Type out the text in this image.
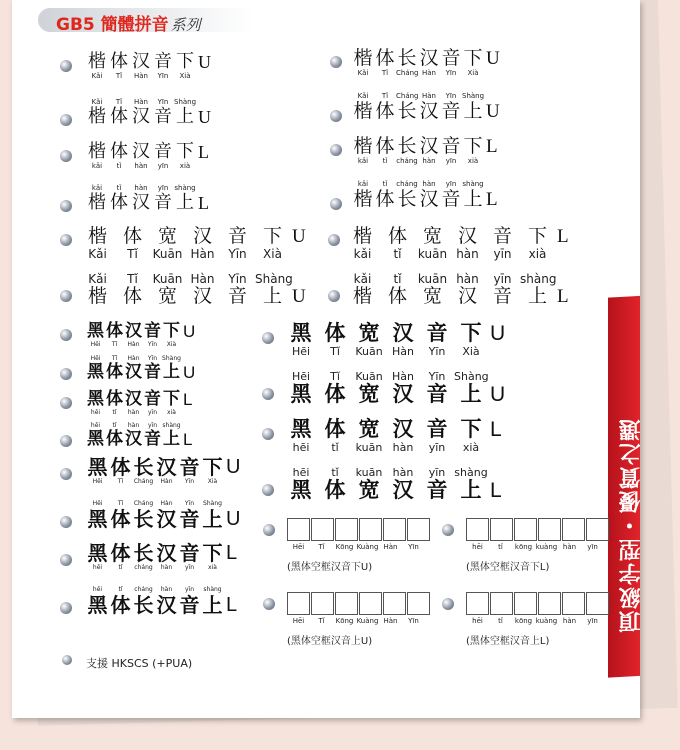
頂級字型・優質之選
GB5 簡體拼音 系列
楷 体 汉 音 下 U
Kǎi	Tǐ	Hàn	Yīn	Xià
Kǎi	Tǐ	Hàn	Yīn Shàng
楷 体 汉 音 上 U
楷 体 汉 音 下 L
kǎi	tǐ	hàn	yīn	xià
kǎi	tǐ	hàn	yīn shàng
楷 体 汉 音 上 L
楷 体 长 汉 音 下 U
Kǎi	Tǐ	Cháng Hàn	Yīn	Xià
Kǎi	Tǐ	Cháng Hàn	Yīn Shàng
楷 体 长 汉 音 上 U
楷 体 长 汉 音 下 L
kǎi	tǐ	cháng hàn	yīn	xià
kǎi	tǐ	cháng hàn	yīn shàng
楷 体 长 汉 音 上 L
楷 体 宽 汉 音 下 U
Kǎi	Tǐ	Kuān Hàn	Yīn	Xià
Kǎi	Tǐ	Kuān Hàn	Yīn Shàng
楷 体 宽 汉 音 上 U
楷 体 宽 汉 音 下 L
kǎi	tǐ	kuān hàn	yīn	xià
kǎi	tǐ	kuān hàn	yīn shàng
楷 体 宽 汉 音 上 L
黑 体 汉 音 下 U
Hēi	Tǐ	Hàn	Yīn	Xià
Hēi	Tǐ	Hàn	Yīn Shàng
黑 体 汉 音 上 U
黑 体 汉 音 下 L
hēi	tǐ	hàn	yīn	xià
hēi	tǐ	hàn	yīn shàng
黑 体 汉 音 上 L
黑 体 长 汉 音 下 U
Hēi	Tǐ	Cháng	Hàn	Yīn	Xià
Hēi	Tǐ	Cháng	Hàn	Yīn	Shàng
黑 体 长 汉 音 上 U
黑 体 长 汉 音 下 L
hēi	tǐ	cháng	hàn	yīn	xià
hēi	tǐ	cháng	hàn	yīn	shàng
黑 体 长 汉 音 上 L
黑 体 宽 汉 音 下 U
Hēi	Tǐ	Kuān Hàn	Yīn	Xià
Hēi	Tǐ	Kuān Hàn	Yīn Shàng
黑 体 宽 汉 音 上 U
黑 体 宽 汉 音 下 L
hēi	tǐ	kuān hàn	yīn	xià
hēi	tǐ	kuān hàn	yīn shàng
黑 体 宽 汉 音 上 L
Hēi	Tǐ	Kōng Kuàng Hàn	Yīn
(黑体空框汉音下U)
hēi	tǐ	kōng kuàng hàn	yīn
(黑体空框汉音下L)
Hēi	Tǐ	Kōng Kuàng Hàn	Yīn
(黑体空框汉音上U)
hēi	tǐ	kōng kuàng hàn	yīn
(黑体空框汉音上L)
支援 HKSCS (+PUA)
